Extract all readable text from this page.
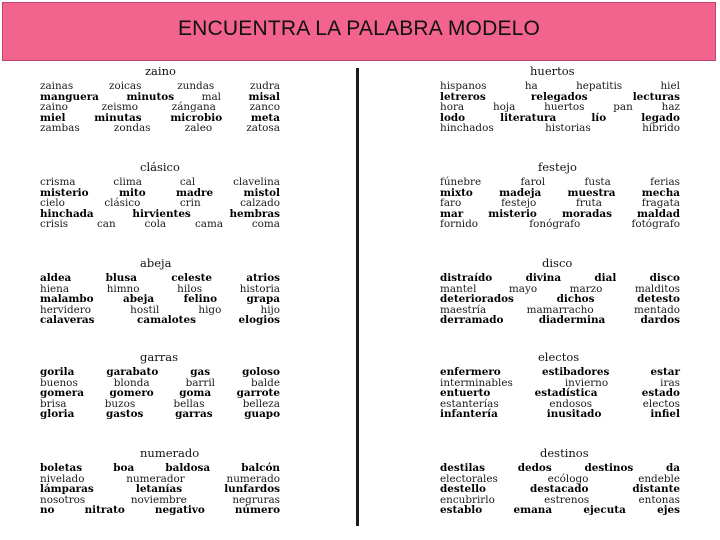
ENCUENTRA LA PALABRA MODELO
zaino
zainas	zoicas	zundas	zudra
manguera	minutos	mal	misal
zaino	zeismo	zángana	zanco
miel	minutas	microbio	meta
zambas	zondas	zaleo	zatosa
clásico
crisma	clima	cal	clavelina
misterio	mito	madre	mistol
cielo	clásico	crin	calzado
hinchada	hirvientes	hembras
crisis	can	cola	cama	coma
abeja
aldea	blusa	celeste	atrios
hiena	himno	hilos	historia
malambo	abeja	felino	grapa
hervidero	hostil	higo	hijo
calaveras	camalotes	elogios
garras
gorila	garabato	gas	goloso
buenos	blonda	barril	balde
gomera gomero goma garrote
brisa	buzos	bellas	belleza
gloria	gastos	garras	guapo
numerado
boletas	boa	baldosa	balcón
nivelado	numerador	numerado
lámparas	letanías	lunfardos
nosotros	noviembre	negruras
no	nitrato	negativo	número
huertos
hispanos	ha	hepatitis	hiel
letreros	relegados	lecturas
hora	hoja	huertos	pan	haz
lodo	literatura	lío	legado
hinchados	historias	híbrido
festejo
fúnebre	farol	fusta	ferias
mixto	madeja	muestra	mecha
faro	festejo	fruta	fragata
mar misterio moradas maldad
fornido	fonógrafo	fotógrafo
disco
distraído	divina	dial	disco
mantel	mayo	marzo	malditos
deteriorados	dichos	detesto
maestría	mamarracho	mentado
derramado	diadermina	dardos
electos
enfermero	estibadores	estar
interminables	invierno	iras
entuerto	estadística	estado
estanterías	endosos	electos
infantería	inusitado	infiel
destinos
destilas	dedos	destinos	da
electorales	ecólogo	endeble
destello	destacado	distante
encubrirlo	estrenos	entonas
establo	emana	ejecuta	ejes
